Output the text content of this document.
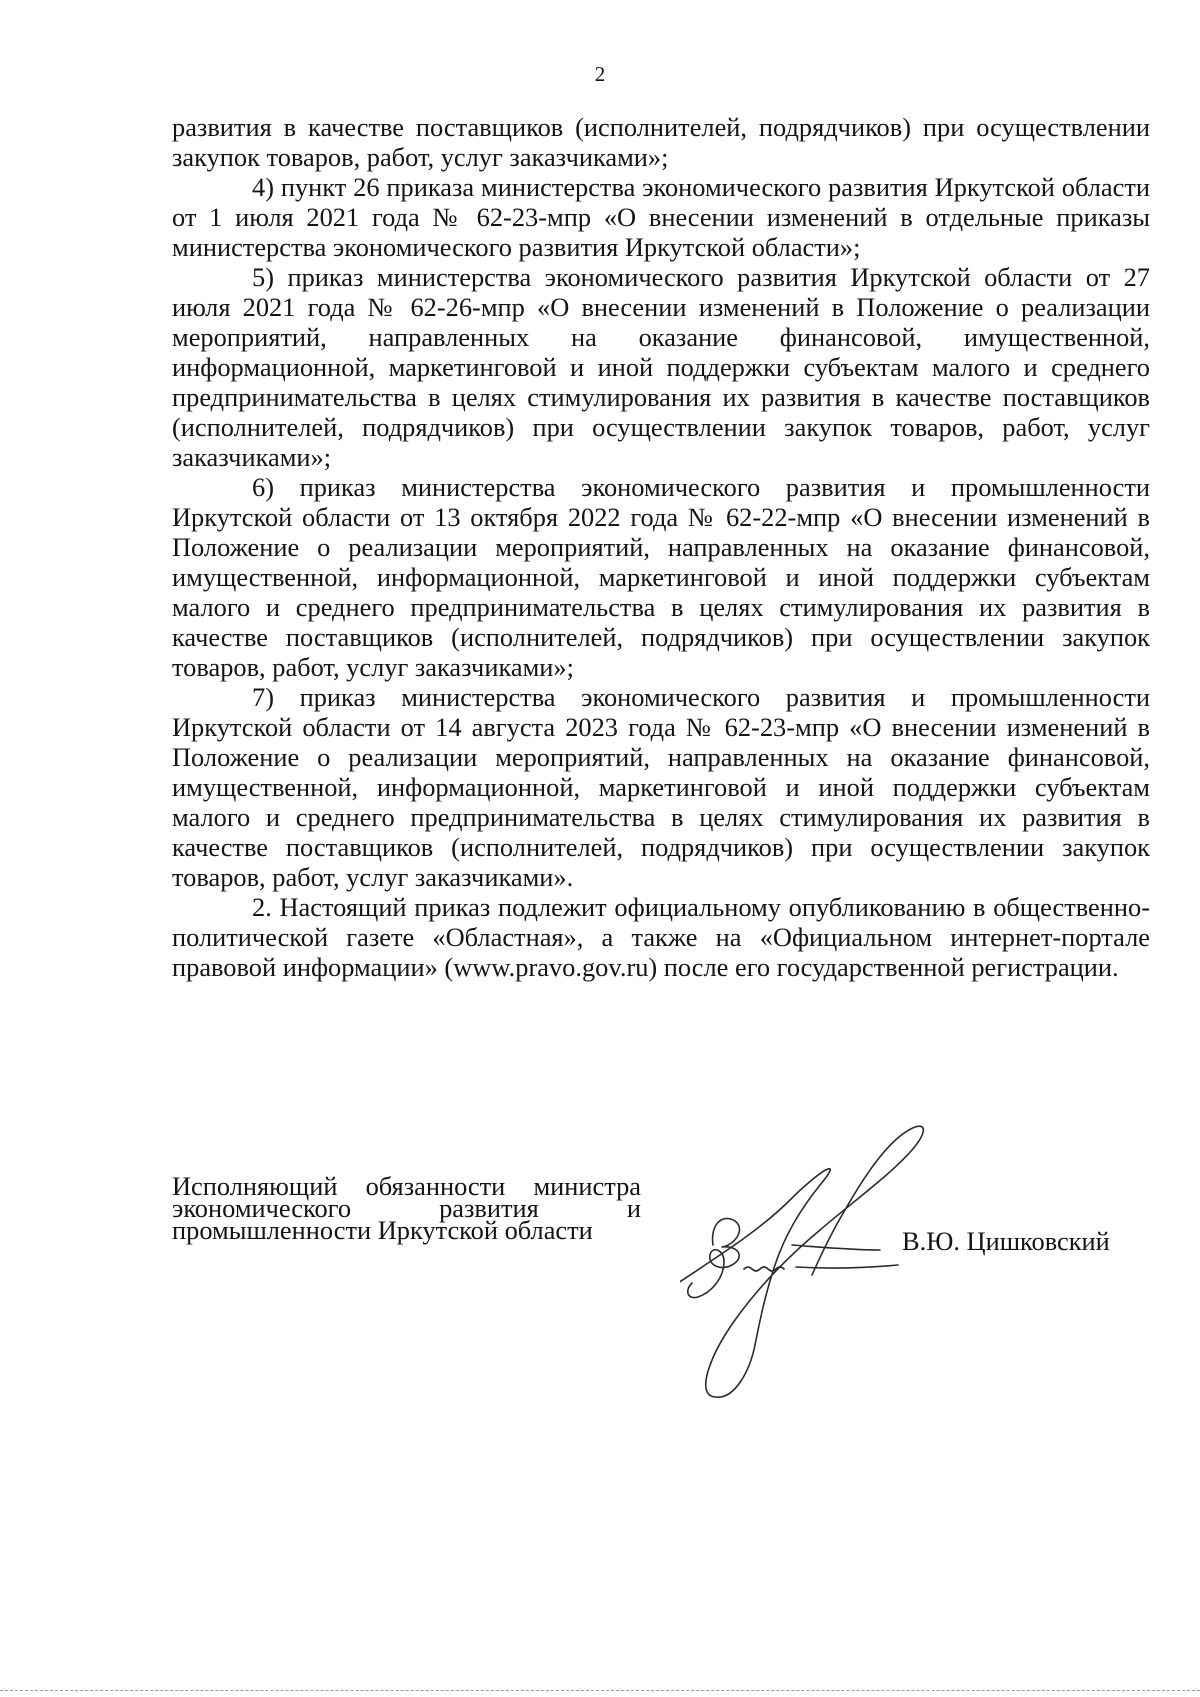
2

развития в качестве поставщиков (исполнителей, подрядчиков) при осуществлении закупок товаров, работ, услуг заказчиками»;

4) пункт 26 приказа министерства экономического развития Иркутской области от 1 июля 2021 года № 62-23-мпр «О внесении изменений в отдельные приказы министерства экономического развития Иркутской области»;

5) приказ министерства экономического развития Иркутской области от 27 июля 2021 года № 62-26-мпр «О внесении изменений в Положение о реализации мероприятий, направленных на оказание финансовой, имущественной, информационной, маркетинговой и иной поддержки субъектам малого и среднего предпринимательства в целях стимулирования их развития в качестве поставщиков (исполнителей, подрядчиков) при осуществлении закупок товаров, работ, услуг заказчиками»;

6) приказ министерства экономического развития и промышленности Иркутской области от 13 октября 2022 года № 62-22-мпр «О внесении изменений в Положение о реализации мероприятий, направленных на оказание финансовой, имущественной, информационной, маркетинговой и иной поддержки субъектам малого и среднего предпринимательства в целях стимулирования их развития в качестве поставщиков (исполнителей, подрядчиков) при осуществлении закупок товаров, работ, услуг заказчиками»;

7) приказ министерства экономического развития и промышленности Иркутской области от 14 августа 2023 года № 62-23-мпр «О внесении изменений в Положение о реализации мероприятий, направленных на оказание финансовой, имущественной, информационной, маркетинговой и иной поддержки субъектам малого и среднего предпринимательства в целях стимулирования их развития в качестве поставщиков (исполнителей, подрядчиков) при осуществлении закупок товаров, работ, услуг заказчиками».

2. Настоящий приказ подлежит официальному опубликованию в общественно-политической газете «Областная», а также на «Официальном интернет-портале правовой информации» (www.pravo.gov.ru) после его государственной регистрации.

Исполняющий обязанности министра
экономического развития и
промышленности Иркутской области	В.Ю. Цишковский
